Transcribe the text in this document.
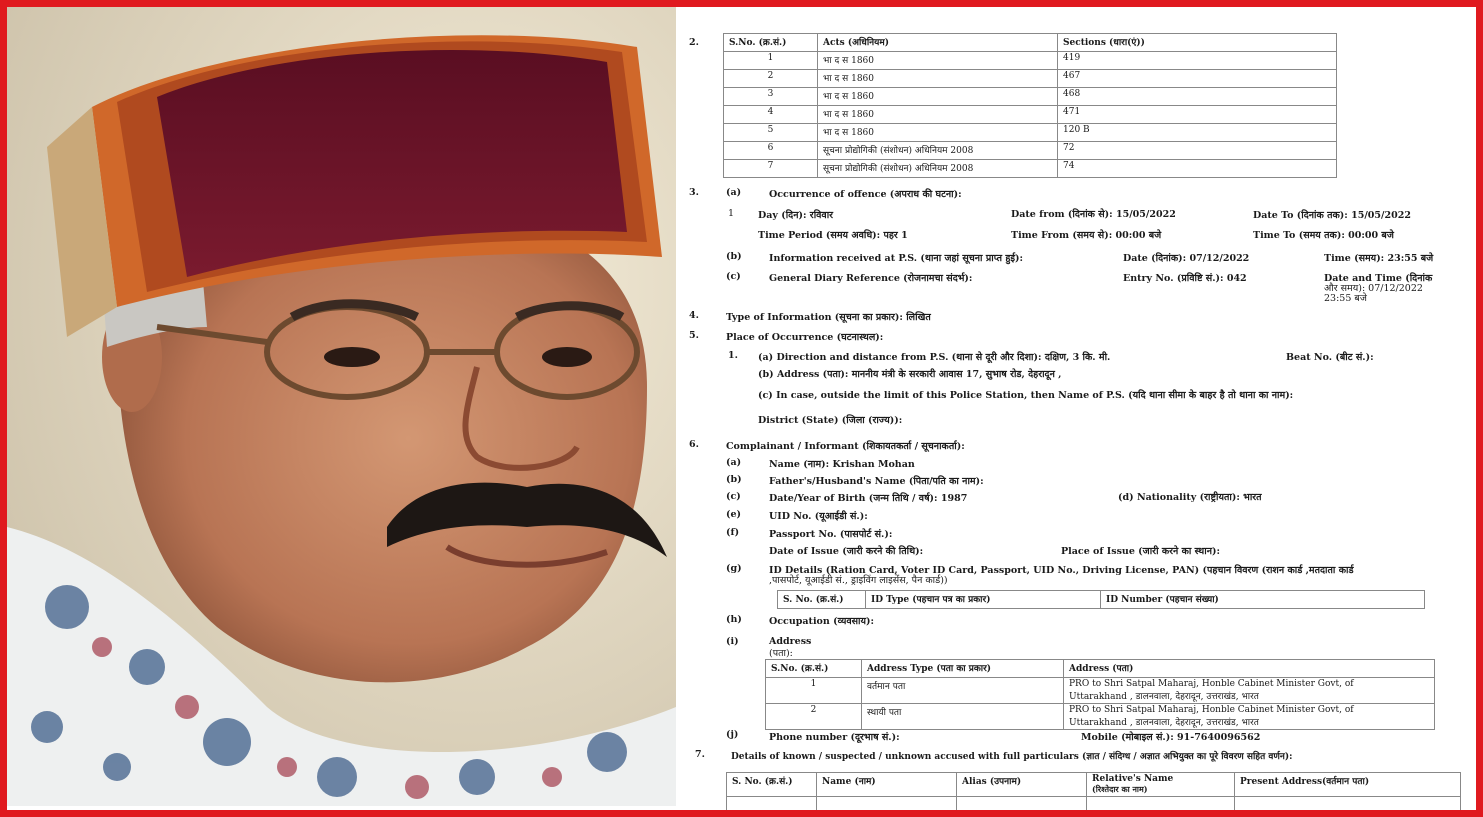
2.	S.No. (क्र.सं.)	Acts (अधिनियम)	Sections (धारा(एं))
1	भा द स 1860	419
2	भा द स 1860	467
3	भा द स 1860	468
4	भा द स 1860	471
5	भा द स 1860	120 B
6	सूचना प्रोद्योगिकी (संशोधन) अधिनियम 2008	72
7	सूचना प्रोद्योगिकी (संशोधन) अधिनियम 2008	74
3.	(a)	Occurrence of offence (अपराध की घटना):
1	Day (दिन): रविवार	Date from (दिनांक से): 15/05/2022	Date To (दिनांक तक): 15/05/2022
Time Period (समय अवधि): पहर 1	Time From (समय से): 00:00 बजे	Time To (समय तक): 00:00 बजे
(b)	Information received at P.S. (थाना जहां सूचना प्राप्त हुई):	Date (दिनांक): 07/12/2022	Time (समय): 23:55 बजे
(c)	General Diary Reference (रोजनामचा संदर्भ):	Entry No. (प्रविष्टि सं.): 042	Date and Time (दिनांक
और समय): 07/12/2022
23:55 बजे
4.	Type of Information (सूचना का प्रकार): लिखित
5.	Place of Occurrence (घटनास्थल):
1. (a) Direction and distance from P.S. (थाना से दूरी और दिशा): दक्षिण, 3 कि. मी.	Beat No. (बीट सं.):
(b) Address (पता): माननीय मंत्री के सरकारी आवास 17, सुभाष रोड, देहरादून ,
(c) In case, outside the limit of this Police Station, then Name of P.S. (यदि थाना सीमा के बाहर है तो थाना का नाम):
District (State) (जिला (राज्य)):
6.	Complainant / Informant (शिकायतकर्ता / सूचनाकर्ता):
(a)	Name (नाम): Krishan Mohan
(b)	Father's/Husband's Name (पिता/पति का नाम):
(c)	Date/Year of Birth (जन्म तिथि / वर्ष): 1987	(d) Nationality (राष्ट्रीयता): भारत
(e)	UID No. (यूआईडी सं.):
(f)	Passport No. (पासपोर्ट सं.):
Date of Issue (जारी करने की तिथि):	Place of Issue (जारी करने का स्थान):
(g)	ID Details (Ration Card, Voter ID Card, Passport, UID No., Driving License, PAN) (पहचान विवरण (राशन कार्ड ,मतदाता कार्ड
,पासपोर्ट, यूआईडी सं., ड्राइविंग लाइसेंस, पैन कार्ड))
S. No. (क्र.सं.)	ID Type (पहचान पत्र का प्रकार)	ID Number (पहचान संख्या)
(h)	Occupation (व्यवसाय):
(i)	Address
(पता):
S.No. (क्र.सं.)	Address Type (पता का प्रकार)	Address (पता)
1	वर्तमान पता	PRO to Shri Satpal Maharaj, Honble Cabinet Minister Govt, of
Uttarakhand , डालनवाला, देहरादून, उत्तराखंड, भारत

2	स्थायी पता	PRO to Shri Satpal Maharaj, Honble Cabinet Minister Govt, of
Uttarakhand , डालनवाला, देहरादून, उत्तराखंड, भारत
(j)	Phone number (दूरभाष सं.):	Mobile (मोबाइल सं.): 91-7640096562
7.	Details of known / suspected / unknown accused with full particulars (ज्ञात / संदिग्ध / अज्ञात अभियुक्त का पूरे विवरण सहित वर्णन):
S. No. (क्र.सं.)	Name (नाम)	Alias (उपनाम)	Relative's Name
(रिश्तेदार का नाम)	Present Address(वर्तमान पता)
